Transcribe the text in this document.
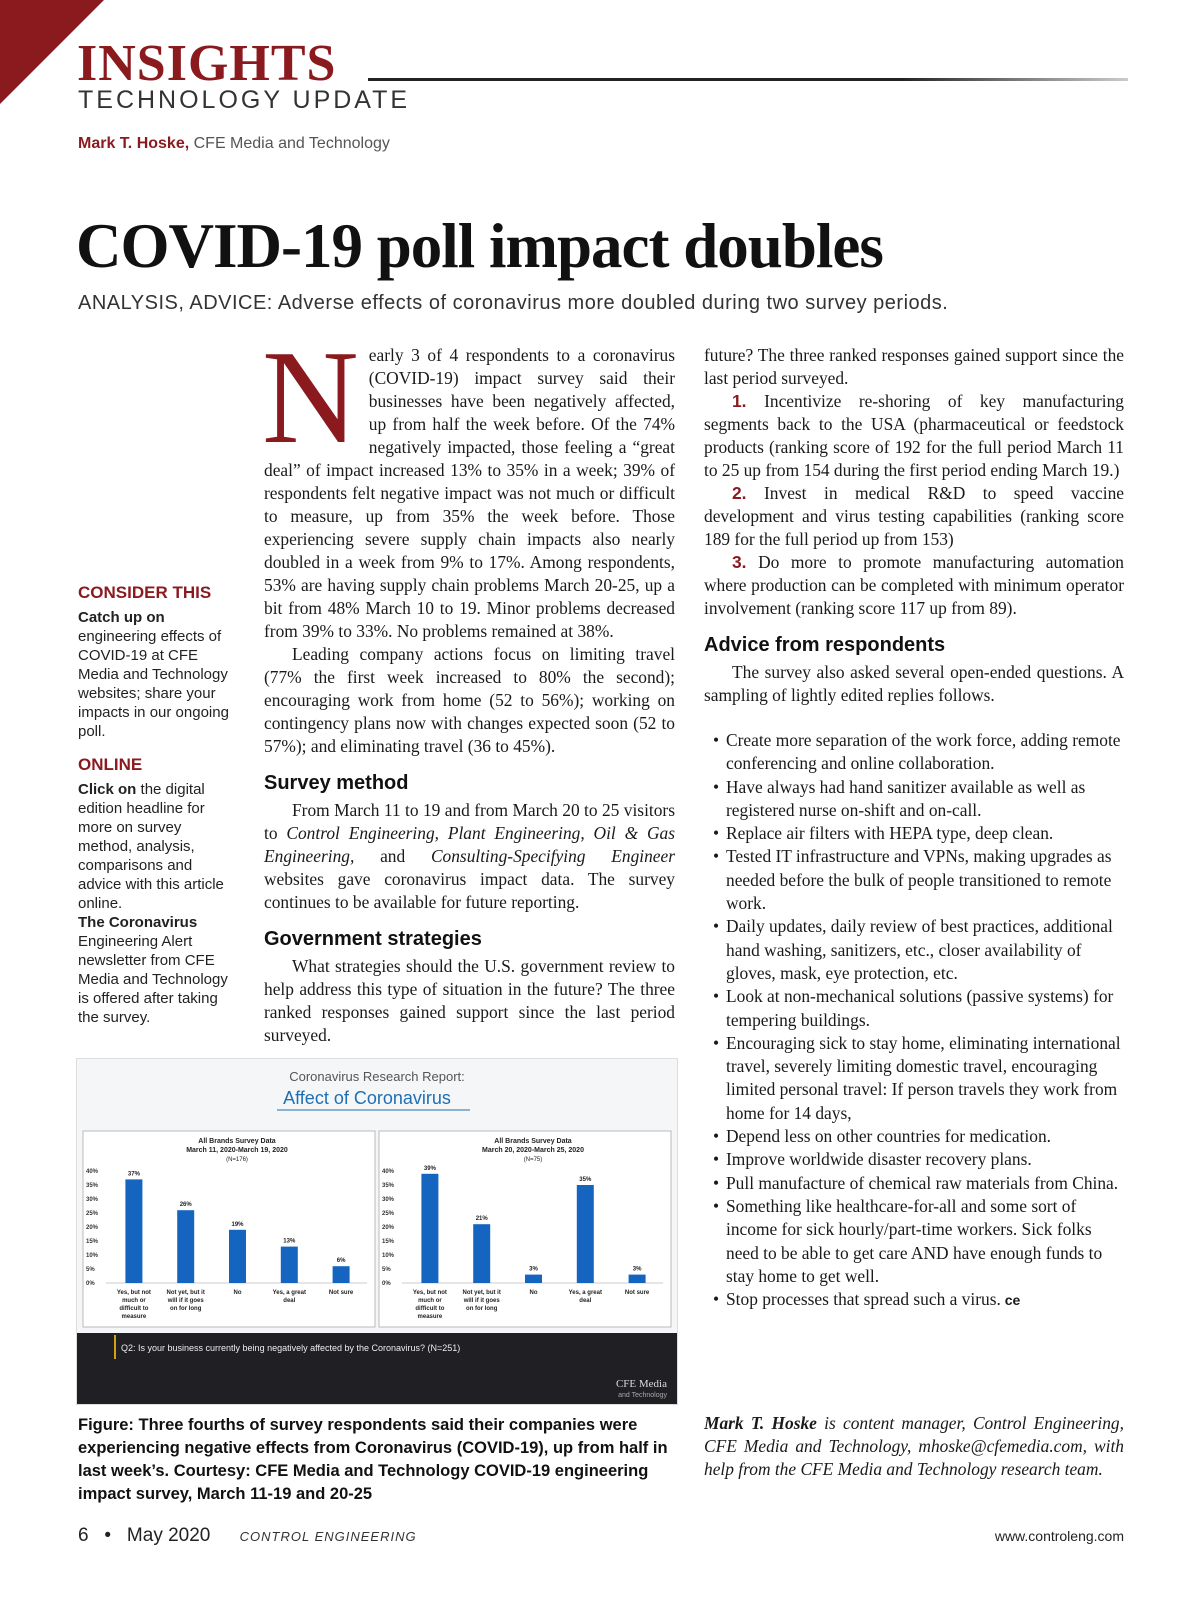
INSIGHTS
TECHNOLOGY UPDATE
Mark T. Hoske, CFE Media and Technology
COVID-19 poll impact doubles
ANALYSIS, ADVICE: Adverse effects of coronavirus more doubled during two survey periods.
CONSIDER THIS

Catch up on engineering effects of COVID-19 at CFE Media and Technology websites; share your impacts in our ongoing poll.

ONLINE

Click on the digital edition headline for more on survey method, analysis, comparisons and advice with this article online.
The Coronavirus Engineering Alert newsletter from CFE Media and Technology is offered after taking the survey.

Nearly 3 of 4 respondents to a coronavirus (COVID-19) impact survey said their businesses have been negatively affected, up from half the week before. Of the 74% negatively impacted, those feeling a “great deal” of impact increased 13% to 35% in a week; 39% of respondents felt negative impact was not much or difficult to measure, up from 35% the week before. Those experiencing severe supply chain impacts also nearly doubled in a week from 9% to 17%. Among respondents, 53% are having supply chain problems March 20-25, up a bit from 48% March 10 to 19. Minor problems decreased from 39% to 33%. No problems remained at 38%.

Leading company actions focus on limiting travel (77% the first week increased to 80% the second); encouraging work from home (52 to 56%); working on contingency plans now with changes expected soon (52 to 57%); and eliminating travel (36 to 45%).

Survey method

From March 11 to 19 and from March 20 to 25 visitors to Control Engineering, Plant Engineering, Oil & Gas Engineering, and Consulting-Specifying Engineer websites gave coronavirus impact data. The survey continues to be available for future reporting.

Government strategies

What strategies should the U.S. government review to help address this type of situation in the future? The three ranked responses gained support since the last period surveyed.

future? The three ranked responses gained support since the last period surveyed.

1. Incentivize re-shoring of key manufacturing segments back to the USA (pharmaceutical or feedstock products (ranking score of 192 for the full period March 11 to 25 up from 154 during the first period ending March 19.)

2. Invest in medical R&D to speed vaccine development and virus testing capabilities (ranking score 189 for the full period up from 153)

3. Do more to promote manufacturing automation where production can be completed with minimum operator involvement (ranking score 117 up from 89).

Advice from respondents

The survey also asked several open-ended questions. A sampling of lightly edited replies follows.

• Create more separation of the work force, adding remote conferencing and online collaboration.
• Have always had hand sanitizer available as well as registered nurse on-shift and on-call.
• Replace air filters with HEPA type, deep clean.
• Tested IT infrastructure and VPNs, making upgrades as needed before the bulk of people transitioned to remote work.
• Daily updates, daily review of best practices, additional hand washing, sanitizers, etc., closer availability of gloves, mask, eye protection, etc.
• Look at non-mechanical solutions (passive systems) for tempering buildings.
• Encouraging sick to stay home, eliminating international travel, severely limiting domestic travel, encouraging limited personal travel: If person travels they work from home for 14 days,
• Depend less on other countries for medication.
• Improve worldwide disaster recovery plans.
• Pull manufacture of chemical raw materials from China.
• Something like healthcare-for-all and some sort of income for sick hourly/part-time workers. Sick folks need to be able to get care AND have enough funds to stay home to get well.
• Stop processes that spread such a virus. ce
Coronavirus Research Report:
Affect of Coronavirus
All Brands Survey Data
March 11, 2020-March 19, 2020
(N=176)
0%
5%
10%
15%
20%
25%
30%
35%
40%	37%
Yes, but not
much or
difficult to
measure
26%
Not yet, but it
will if it goes
on for long
19%
No
13%
Yes, a great
deal
6%
Not sure
All Brands Survey Data
March 20, 2020-March 25, 2020
(N=75)
0%
5%
10%
15%
20%
25%
30%
35%
40%
39%
Yes, but not
much or
difficult to
measure
21%
Not yet, but it
will if it goes
on for long
3%
No
35%
Yes, a great
deal
3%
Not sure
Q2: Is your business currently being negatively affected by the Coronavirus? (N=251)
CFE Media
and Technology
Figure: Three fourths of survey respondents said their companies were experiencing negative effects from Coronavirus (COVID-19), up from half in last week’s. Courtesy: CFE Media and Technology COVID-19 engineering impact survey, March 11-19 and 20-25
Mark T. Hoske is content manager, Control Engineering, CFE Media and Technology, mhoske@cfemedia.com, with help from the CFE Media and Technology research team.
6 • May 2020 CONTROL ENGINEERING	www.controleng.com
